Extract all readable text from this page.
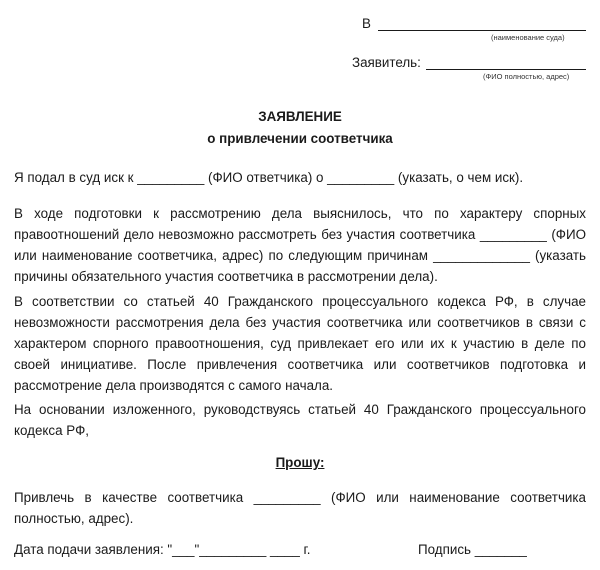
В
(наименование суда)
Заявитель:
(ФИО полностью, адрес)
ЗАЯВЛЕНИЕ
о привлечении соответчика
Я подал в суд иск к _________ (ФИО ответчика) о _________ (указать, о чем иск).
В ходе подготовки к рассмотрению дела выяснилось, что по характеру спорных
правоотношений дело невозможно рассмотреть без участия соответчика _________ (ФИО
или наименование соответчика, адрес) по следующим причинам _____________ (указать
причины обязательного участия соответчика в рассмотрении дела).
В соответствии со статьей 40 Гражданского процессуального кодекса РФ, в случае
невозможности рассмотрения дела без участия соответчика или соответчиков в связи с
характером спорного правоотношения, суд привлекает его или их к участию в деле по
своей инициативе. После привлечения соответчика или соответчиков подготовка и
рассмотрение дела производятся с самого начала.
На основании изложенного, руководствуясь статьей 40 Гражданского процессуального
кодекса РФ,
Прошу:
Привлечь в качестве соответчика _________ (ФИО или наименование соответчика
полностью, адрес).
Дата подачи заявления: "___"_________ ____ г.	Подпись _______
